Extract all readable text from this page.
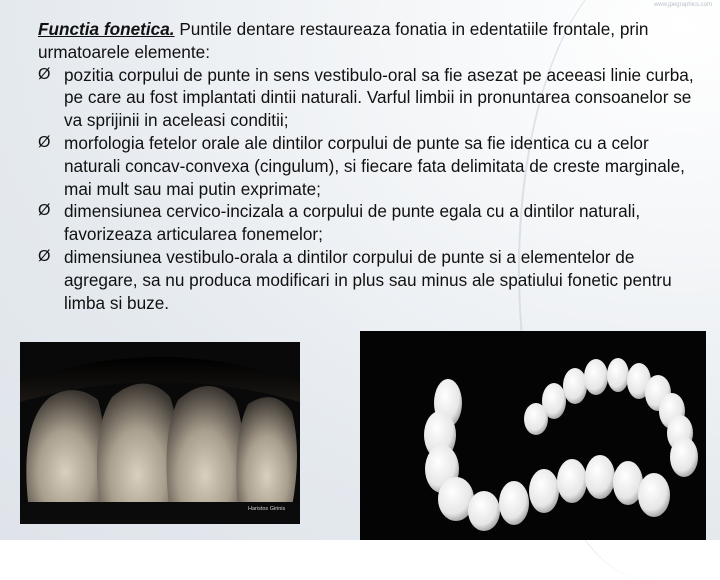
www.jpegraphics.com
Functia fonetica. Puntile dentare restaureaza fonatia in edentatiile frontale, prin urmatoarele elemente:
Ø pozitia corpului de punte in sens vestibulo-oral sa fie asezat pe aceeasi linie curba, pe care au fost implantati dintii naturali. Varful limbii in pronuntarea consoanelor se va sprijinii in aceleasi conditii;
Ø morfologia fetelor orale ale dintilor corpului de punte sa fie identica cu a celor naturali concav-convexa (cingulum), si fiecare fata delimitata de creste marginale, mai mult sau mai putin exprimate;
Ø dimensiunea cervico-incizala a corpului de punte egala cu a dintilor naturali, favorizeaza articularea fonemelor;
Ø dimensiunea vestibulo-orala a dintilor corpului de punte si a elementelor de agregare, sa nu produca modificari in plus sau minus ale spatiului fonetic pentru limba si buze.
Haristos Girinis
